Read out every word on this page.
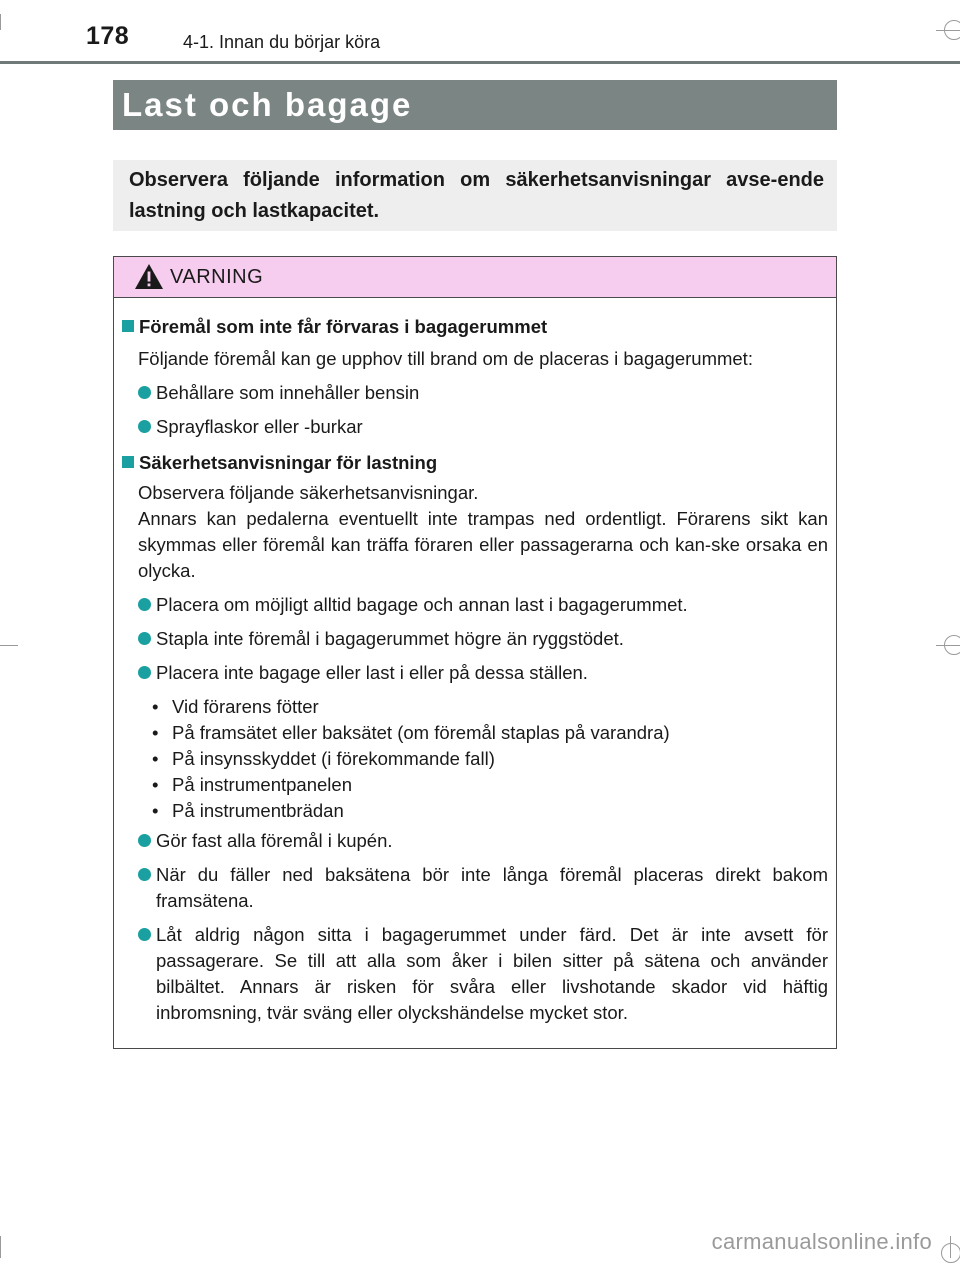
178	4-1. Innan du börjar köra
Last och bagage
Observera följande information om säkerhetsanvisningar avse-ende lastning och lastkapacitet.
VARNING
Föremål som inte får förvaras i bagagerummet
Följande föremål kan ge upphov till brand om de placeras i bagagerummet:
Behållare som innehåller bensin
Sprayflaskor eller -burkar
Säkerhetsanvisningar för lastning
Observera följande säkerhetsanvisningar.
Annars kan pedalerna eventuellt inte trampas ned ordentligt. Förarens sikt kan skymmas eller föremål kan träffa föraren eller passagerarna och kan-ske orsaka en olycka.
Placera om möjligt alltid bagage och annan last i bagagerummet.
Stapla inte föremål i bagagerummet högre än ryggstödet.
Placera inte bagage eller last i eller på dessa ställen.
• Vid förarens fötter
• På framsätet eller baksätet (om föremål staplas på varandra)
• På insynsskyddet (i förekommande fall)
• På instrumentpanelen
• På instrumentbrädan
Gör fast alla föremål i kupén.
När du fäller ned baksätena bör inte långa föremål placeras direkt bakom framsätena.
Låt aldrig någon sitta i bagagerummet under färd. Det är inte avsett för passagerare. Se till att alla som åker i bilen sitter på sätena och använder bilbältet. Annars är risken för svåra eller livshotande skador vid häftig inbromsning, tvär sväng eller olyckshändelse mycket stor.
carmanualsonline.info
